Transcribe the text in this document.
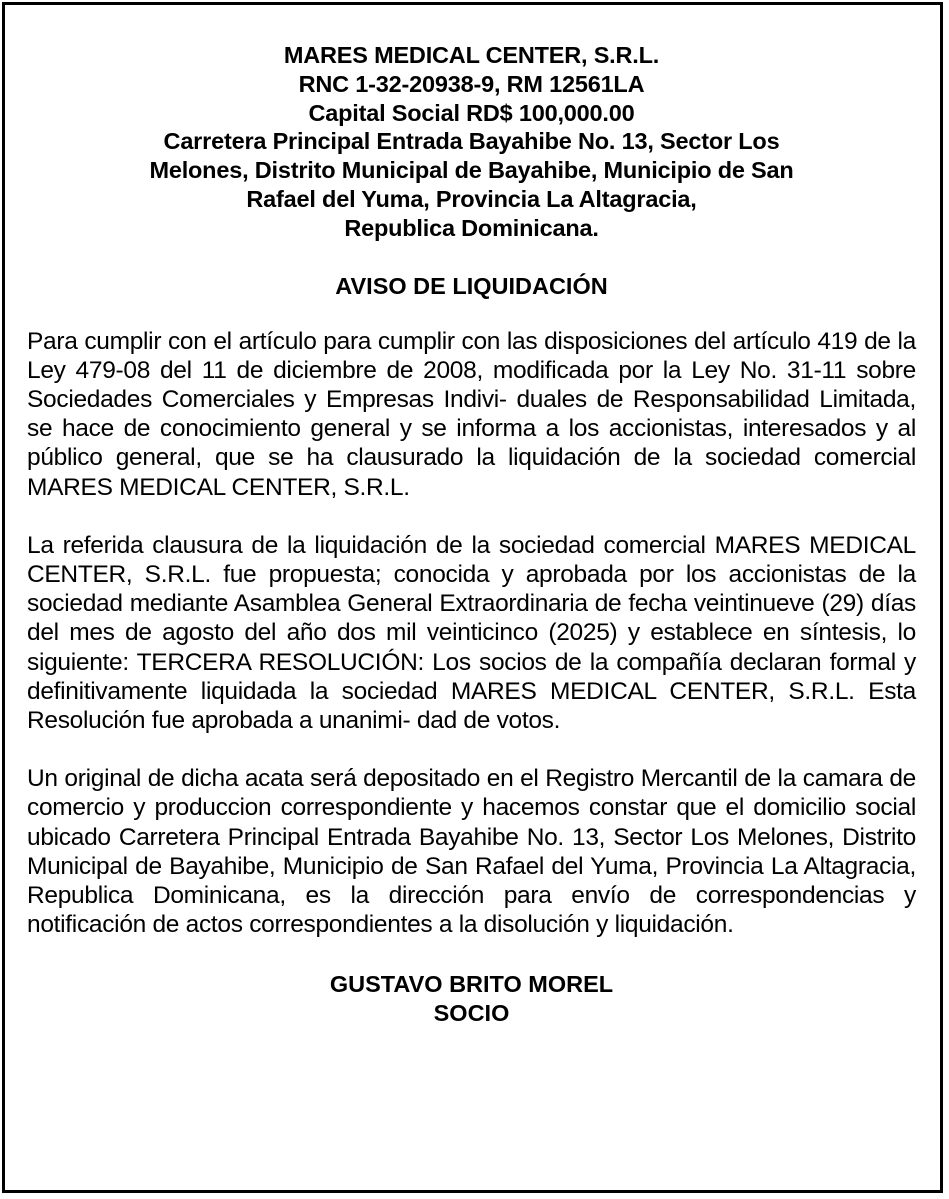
MARES MEDICAL CENTER, S.R.L.
RNC 1-32-20938-9, RM 12561LA
Capital Social RD$ 100,000.00
Carretera Principal Entrada Bayahibe No. 13, Sector Los
Melones, Distrito Municipal de Bayahibe, Municipio de San
Rafael del Yuma, Provincia La Altagracia,
Republica Dominicana.
AVISO DE LIQUIDACIÓN

Para cumplir con el artículo para cumplir con las disposiciones del artículo 419 de la Ley 479-08 del 11 de diciembre de 2008, modificada por la Ley No. 31-11 sobre Sociedades Comerciales y Empresas Indivi- duales de Responsabilidad Limitada, se hace de conocimiento general y se informa a los accionistas, interesados y al público general, que se ha clausurado la liquidación de la sociedad comercial MARES MEDICAL CENTER, S.R.L.

La referida clausura de la liquidación de la sociedad comercial MARES MEDICAL CENTER, S.R.L. fue propuesta; conocida y aprobada por los accionistas de la sociedad mediante Asamblea General Extraordinaria de fecha veintinueve (29) días del mes de agosto del año dos mil veinticinco (2025) y establece en síntesis, lo siguiente: TERCERA RESOLUCIÓN: Los socios de la compañía declaran formal y definitivamente liquidada la sociedad MARES MEDICAL CENTER, S.R.L. Esta Resolución fue aprobada a unanimi- dad de votos.

Un original de dicha acata será depositado en el Registro Mercantil de la camara de comercio y produccion correspondiente y hacemos constar que el domicilio social ubicado Carretera Principal Entrada Bayahibe No. 13, Sector Los Melones, Distrito Municipal de Bayahibe, Municipio de San Rafael del Yuma, Provincia La Altagracia, Republica Dominicana, es la dirección para envío de correspondencias y notificación de actos correspondientes a la disolución y liquidación.

GUSTAVO BRITO MOREL
SOCIO
